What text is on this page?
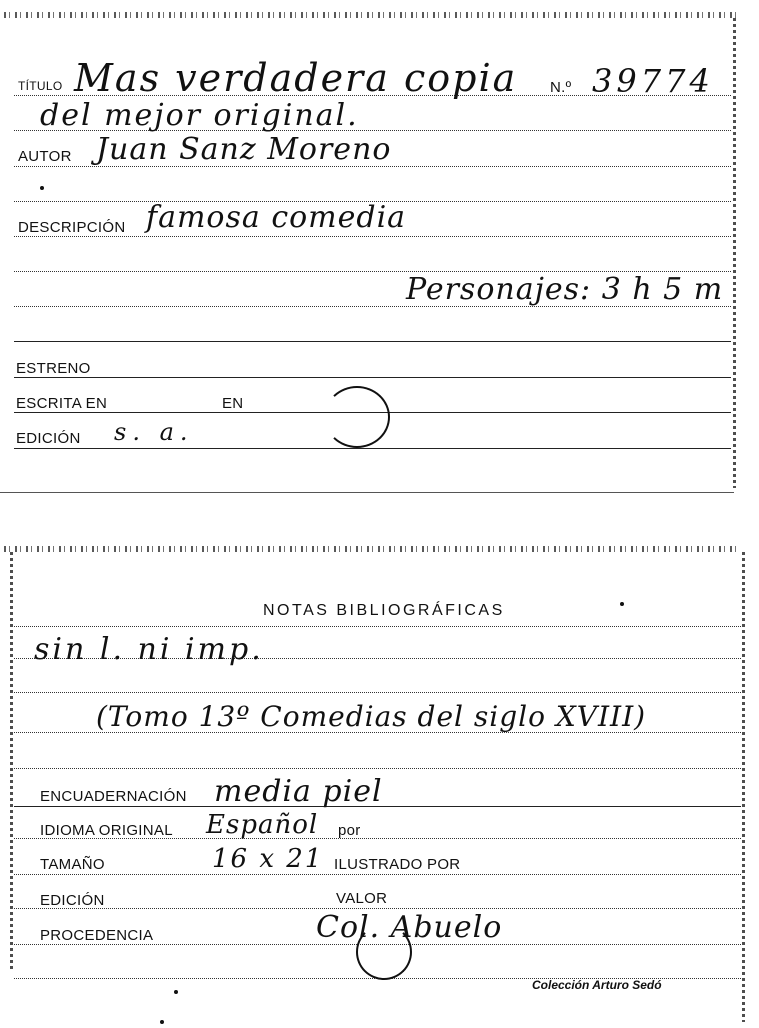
TÍTULO Mas verdadera copia N.º 39774
del mejor original.
AUTOR Juan Sanz Moreno
DESCRIPCIÓN famosa comedia
Personajes: 3 h 5 m
ESTRENO
ESCRITA EN	EN
EDICIÓN s. a.
NOTAS BIBLIOGRÁFICAS
sin l. ni imp.
(Tomo 13º Comedias del siglo XVIII)
ENCUADERNACIÓN media piel
IDIOMA ORIGINAL Español por
TAMAÑO	16 x 21 ILUSTRADO POR
EDICIÓN	VALOR
PROCEDENCIA	Col. Abuelo
Colección Arturo Sedó
